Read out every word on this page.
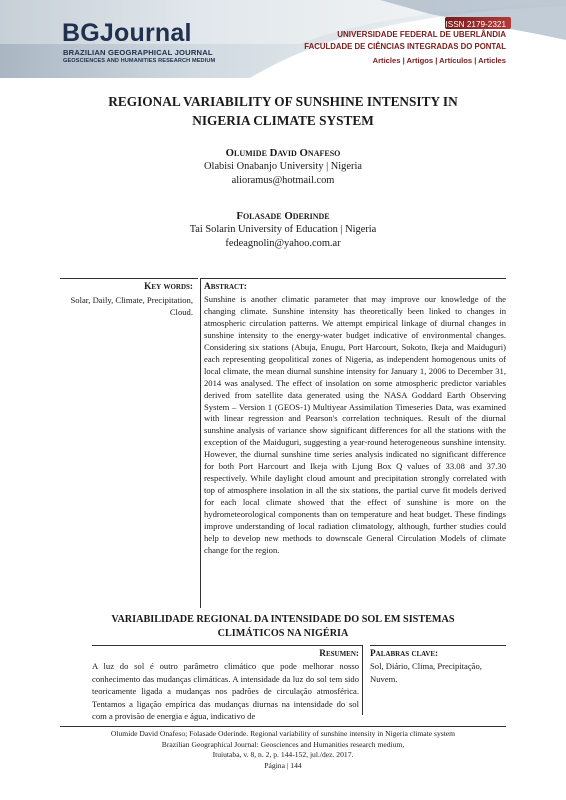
BGJournal
BRAZILIAN GEOGRAPHICAL JOURNAL
GEOSCIENCES AND HUMANITIES RESEARCH MEDIUM
ISSN 2179-2321
UNIVERSIDADE FEDERAL DE UBERLÂNDIA
FACULDADE DE CIÊNCIAS INTEGRADAS DO PONTAL
Articles | Artigos | Artículos | Articles
REGIONAL VARIABILITY OF SUNSHINE INTENSITY IN
NIGERIA CLIMATE SYSTEM
Olumide David Onafeso
Olabisi Onabanjo University | Nigeria
alioramus@hotmail.com
Folasade Oderinde
Tai Solarin University of Education | Nigeria
fedeagnolin@yahoo.com.ar
Key words:
Solar, Daily, Climate, Precipitation, Cloud.
Abstract:
Sunshine is another climatic parameter that may improve our knowledge of the changing climate. Sunshine intensity has theoretically been linked to changes in atmospheric circulation patterns. We attempt empirical linkage of diurnal changes in sunshine intensity to the energy-water budget indicative of environmental changes. Considering six stations (Abuja, Enugu, Port Harcourt, Sokoto, Ikeja and Maiduguri) each representing geopolitical zones of Nigeria, as independent homogenous units of local climate, the mean diurnal sunshine intensity for January 1, 2006 to December 31, 2014 was analysed. The effect of insolation on some atmospheric predictor variables derived from satellite data generated using the NASA Goddard Earth Observing System – Version 1 (GEOS-1) Multiyear Assimilation Timeseries Data, was examined with linear regression and Pearson's correlation techniques. Result of the diurnal sunshine analysis of variance show significant differences for all the stations with the exception of the Maiduguri, suggesting a year-round heterogeneous sunshine intensity. However, the diurnal sunshine time series analysis indicated no significant difference for both Port Harcourt and Ikeja with Ljung Box Q values of 33.08 and 37.30 respectively. While daylight cloud amount and precipitation strongly correlated with top of atmosphere insolation in all the six stations, the partial curve fit models derived for each local climate showed that the effect of sunshine is more on the hydrometeorological components than on temperature and heat budget. These findings improve understanding of local radiation climatology, although, further studies could help to develop new methods to downscale General Circulation Models of climate change for the region.
VARIABILIDADE REGIONAL DA INTENSIDADE DO SOL EM SISTEMAS
CLIMÁTICOS NA NIGÉRIA
Resumen:
A luz do sol é outro parâmetro climático que pode melhorar nosso conhecimento das mudanças climáticas. A intensidade da luz do sol tem sido teoricamente ligada a mudanças nos padrões de circulação atmosférica. Tentamos a ligação empírica das mudanças diurnas na intensidade do sol com a provisão de energia e água, indicativo de
Palabras clave:
Sol, Diário, Clima, Precipitação, Nuvem.
Olumide David Onafeso; Folasade Oderinde. Regional variability of sunshine intensity in Nigeria climate system
Brazilian Geographical Journal: Geosciences and Humanities research medium,
Ituiutaba, v. 8, n. 2, p. 144-152, jul./dez. 2017.
Página | 144
